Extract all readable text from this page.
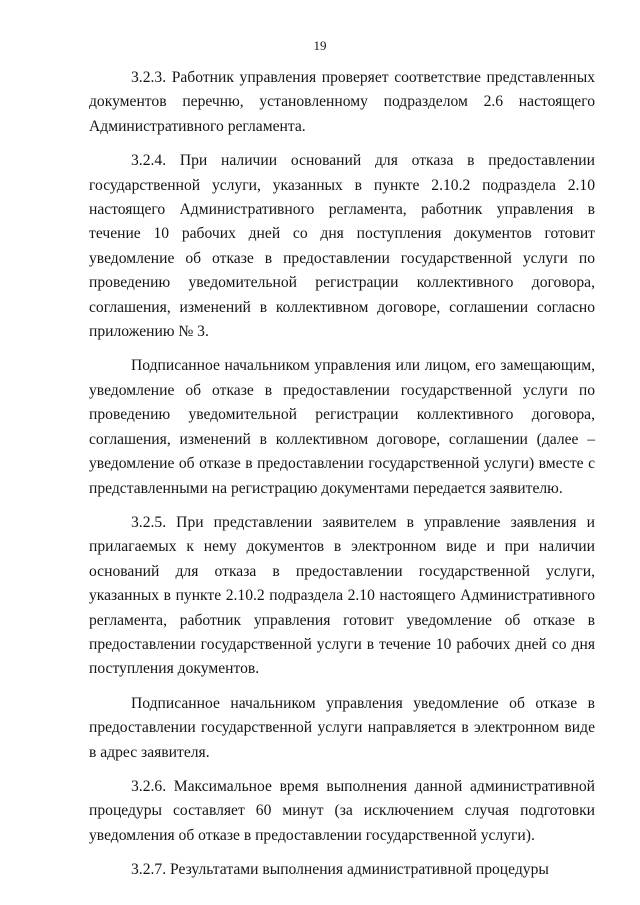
19

3.2.3. Работник управления проверяет соответствие представленных документов перечню, установленному подразделом 2.6 настоящего Административного регламента.

3.2.4. При наличии оснований для отказа в предоставлении государственной услуги, указанных в пункте 2.10.2 подраздела 2.10 настоящего Административного регламента, работник управления в течение 10 рабочих дней со дня поступления документов готовит уведомление об отказе в предоставлении государственной услуги по проведению уведомительной регистрации коллективного договора, соглашения, изменений в коллективном договоре, соглашении согласно приложению № 3.

Подписанное начальником управления или лицом, его замещающим, уведомление об отказе в предоставлении государственной услуги по проведению уведомительной регистрации коллективного договора, соглашения, изменений в коллективном договоре, соглашении (далее – уведомление об отказе в предоставлении государственной услуги) вместе с представленными на регистрацию документами передается заявителю.

3.2.5. При представлении заявителем в управление заявления и прилагаемых к нему документов в электронном виде и при наличии оснований для отказа в предоставлении государственной услуги, указанных в пункте 2.10.2 подраздела 2.10 настоящего Административного регламента, работник управления готовит уведомление об отказе в предоставлении государственной услуги в течение 10 рабочих дней со дня поступления документов.

Подписанное начальником управления уведомление об отказе в предоставлении государственной услуги направляется в электронном виде в адрес заявителя.

3.2.6. Максимальное время выполнения данной административной процедуры составляет 60 минут (за исключением случая подготовки уведомления об отказе в предоставлении государственной услуги).

3.2.7. Результатами выполнения административной процедуры
